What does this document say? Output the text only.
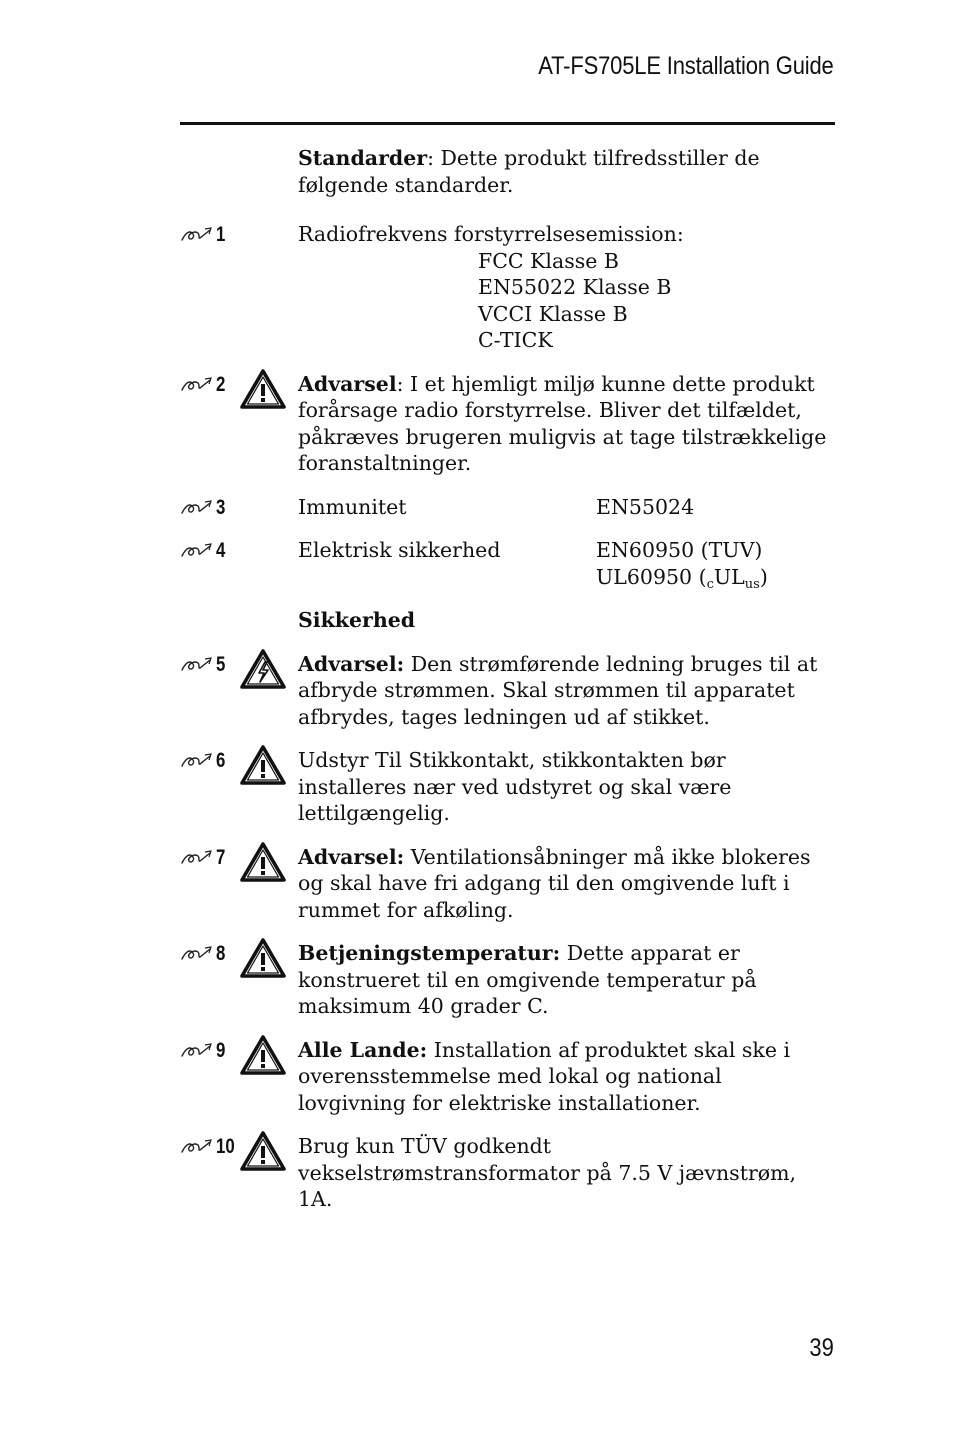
AT-FS705LE Installation Guide
Standarder: Dette produkt tilfredsstiller de følgende standarder.
1	Radiofrekvens forstyrrelsesemission:
FCC Klasse B
EN55022 Klasse B
VCCI Klasse B
C-TICK
2	Advarsel: I et hjemligt miljø kunne dette produkt forårsage radio forstyrrelse. Bliver det tilfældet, påkræves brugeren muligvis at tage tilstrækkelige foranstaltninger.
3	Immunitet	EN55024
4	Elektrisk sikkerhed	EN60950 (TUV)
UL60950 $(_cUL_{us})$
Sikkerhed
5	Advarsel: Den strømførende ledning bruges til at afbryde strømmen. Skal strømmen til apparatet afbrydes, tages ledningen ud af stikket.
6	Udstyr Til Stikkontakt, stikkontakten bør installeres nær ved udstyret og skal være lettilgængelig.
7	Advarsel: Ventilationsåbninger må ikke blokeres og skal have fri adgang til den omgivende luft i rummet for afkøling.
8	Betjeningstemperatur: Dette apparat er konstrueret til en omgivende temperatur på maksimum 40 grader C.
9	Alle Lande: Installation af produktet skal ske i overensstemmelse med lokal og national lovgivning for elektriske installationer.
10	Brug kun TÜV godkendt vekselstrømstransformator på 7.5 V jævnstrøm, 1A.
39
